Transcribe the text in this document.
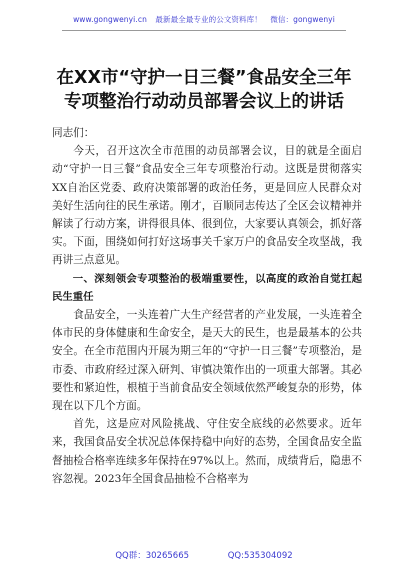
www.gongwenyi.cn 最新最全最专业的公文资料库！ 微信：gongwenyi
在XX市“守护一日三餐”食品安全三年
专项整治行动动员部署会议上的讲话

同志们：

今天，召开这次全市范围的动员部署会议，目的就是全面启动“守护一日三餐”食品安全三年专项整治行动。这既是贯彻落实XX自治区党委、政府决策部署的政治任务，更是回应人民群众对美好生活向往的民生承诺。刚才，百顺同志传达了全区会议精神并解读了行动方案，讲得很具体、很到位，大家要认真领会，抓好落实。下面，围绕如何打好这场事关千家万户的食品安全攻坚战，我再讲三点意见。

一、深刻领会专项整治的极端重要性，以高度的政治自觉扛起民生重任

食品安全，一头连着广大生产经营者的产业发展，一头连着全体市民的身体健康和生命安全，是天大的民生，也是最基本的公共安全。在全市范围内开展为期三年的“守护一日三餐”专项整治，是市委、市政府经过深入研判、审慎决策作出的一项重大部署。其必要性和紧迫性，根植于当前食品安全领域依然严峻复杂的形势，体现在以下几个方面。

首先，这是应对风险挑战、守住安全底线的必然要求。近年来，我国食品安全状况总体保持稳中向好的态势，全国食品安全监督抽检合格率连续多年保持在97%以上。然而，成绩背后，隐患不容忽视。2023年全国食品抽检不合格率为

QQ群：30265665	QQ:535304092
